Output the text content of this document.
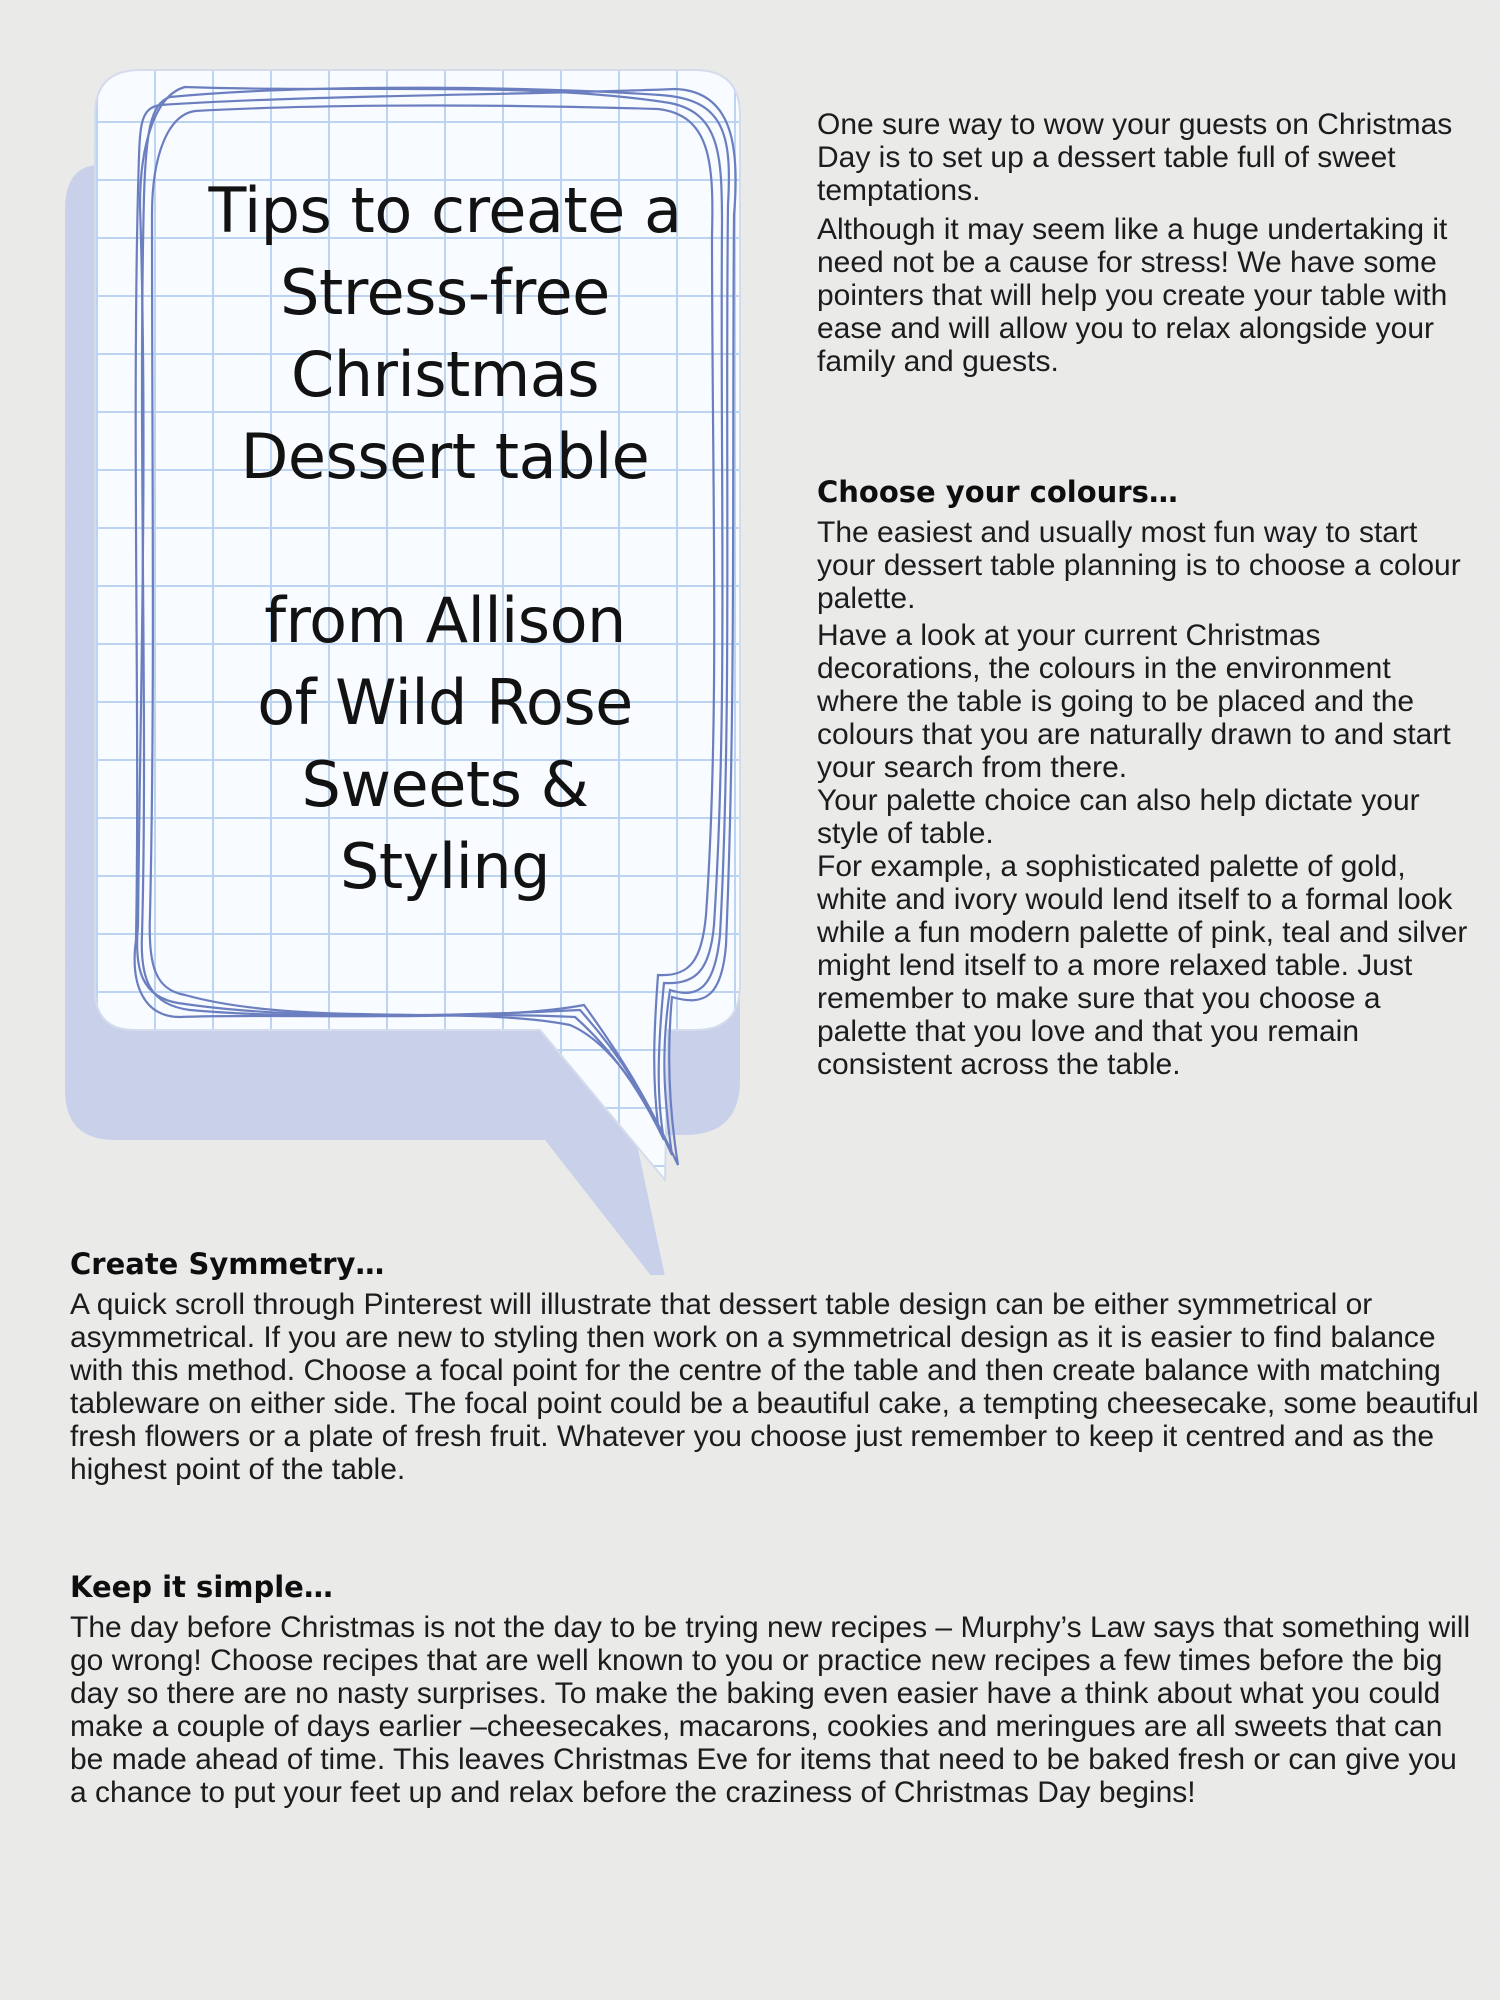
Tips to create a
Stress-free
Christmas
Dessert table
from Allison
of Wild Rose
Sweets &
Styling

One sure way to wow your guests on Christmas Day is to set up a dessert table full of sweet temptations.

Although it may seem like a huge undertaking it need not be a cause for stress! We have some pointers that will help you create your table with ease and will allow you to relax alongside your family and guests.

Choose your colours…

The easiest and usually most fun way to start your dessert table planning is to choose a colour palette.

Have a look at your current Christmas decorations, the colours in the environment where the table is going to be placed and the colours that you are naturally drawn to and start your search from there.

Your palette choice can also help dictate your style of table.

For example, a sophisticated palette of gold, white and ivory would lend itself to a formal look while a fun modern palette of pink, teal and silver might lend itself to a more relaxed table. Just remember to make sure that you choose a palette that you love and that you remain consistent across the table.

Create Symmetry…

A quick scroll through Pinterest will illustrate that dessert table design can be either symmetrical or asymmetrical. If you are new to styling then work on a symmetrical design as it is easier to find balance with this method. Choose a focal point for the centre of the table and then create balance with matching tableware on either side. The focal point could be a beautiful cake, a tempting cheesecake, some beautiful fresh flowers or a plate of fresh fruit. Whatever you choose just remember to keep it centred and as the highest point of the table.

Keep it simple…

The day before Christmas is not the day to be trying new recipes – Murphy’s Law says that something will go wrong! Choose recipes that are well known to you or practice new recipes a few times before the big day so there are no nasty surprises. To make the baking even easier have a think about what you could make a couple of days earlier –cheesecakes, macarons, cookies and meringues are all sweets that can be made ahead of time. This leaves Christmas Eve for items that need to be baked fresh or can give you a chance to put your feet up and relax before the craziness of Christmas Day begins!
